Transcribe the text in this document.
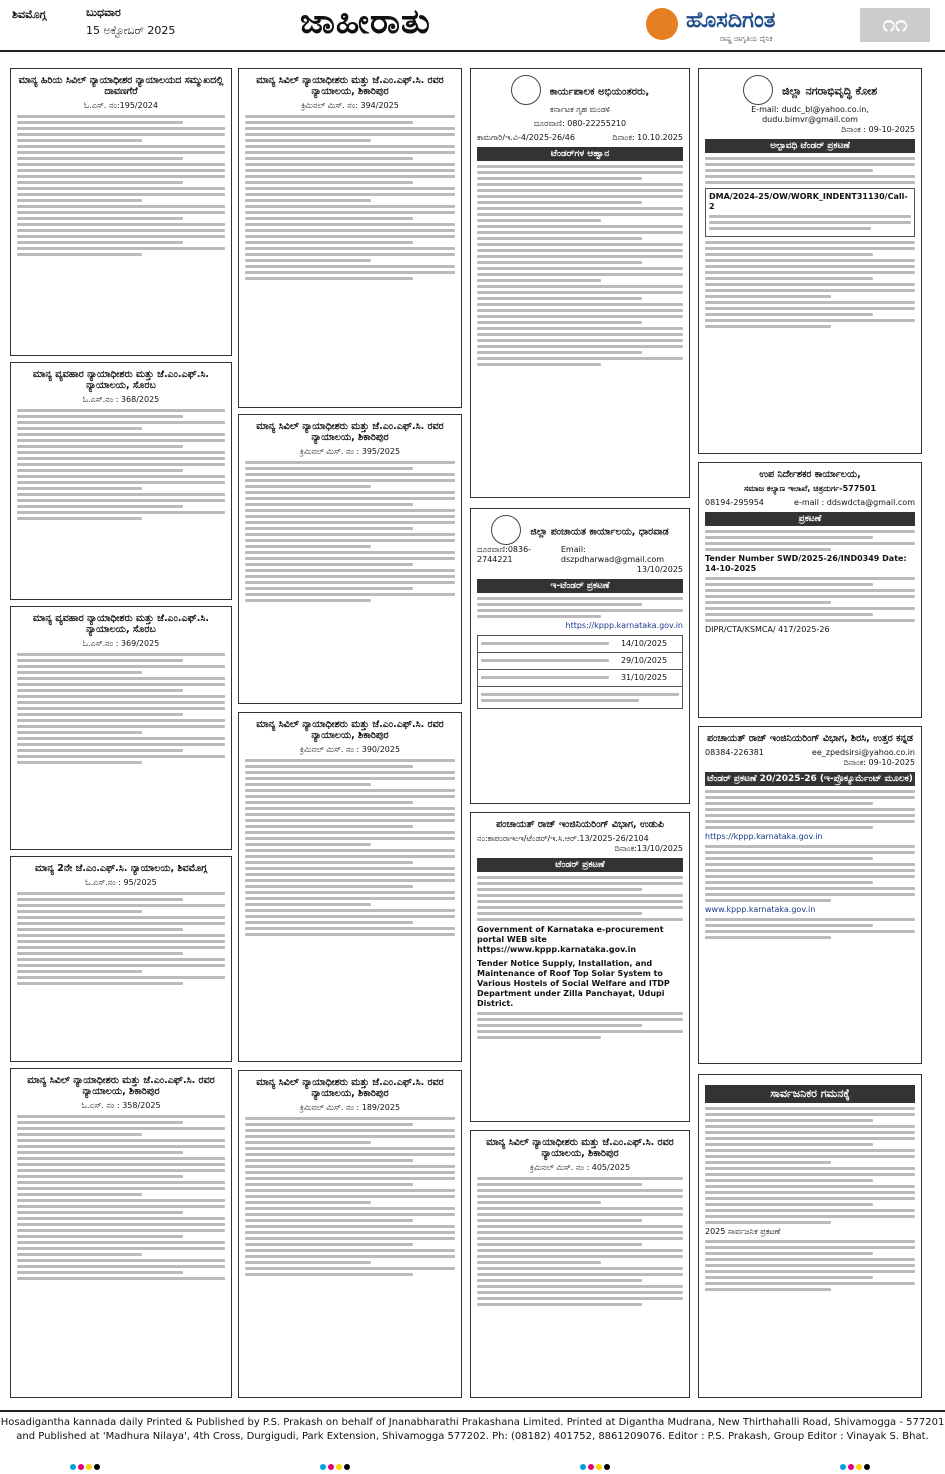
ಶಿವಮೊಗ್ಗ	ಬುಧವಾರ
15 ಅಕ್ಟೋಬರ್ 2025	ಜಾಹೀರಾತು	ಹೊಸದಿಗಂತ
ರಾಷ್ಟ್ರ ಜಾಗೃತಿಯ ದೈನಿಕ
೧೧
ಮಾನ್ಯ ಹಿರಿಯ ಸಿವಿಲ್ ನ್ಯಾಯಾಧೀಶರ ನ್ಯಾಯಾಲಯದ ಸಮ್ಮುಖದಲ್ಲಿ ದಾವಣಗೆರೆ
ಓ.ಎಸ್. ನಂ:195/2024
ಮಾನ್ಯ ವ್ಯವಹಾರ ನ್ಯಾಯಾಧೀಶರು ಮತ್ತು ಜೆ.ಎಂ.ಎಫ್.ಸಿ. ನ್ಯಾಯಾಲಯ, ಸೊರಬ
ಓ.ಎಸ್.ನಂ : 368/2025
ಮಾನ್ಯ ವ್ಯವಹಾರ ನ್ಯಾಯಾಧೀಶರು ಮತ್ತು ಜೆ.ಎಂ.ಎಫ್.ಸಿ. ನ್ಯಾಯಾಲಯ, ಸೊರಬ
ಓ.ಎಸ್.ನಂ : 369/2025
ಮಾನ್ಯ 2ನೇ ಜೆ.ಎಂ.ಎಫ್.ಸಿ. ನ್ಯಾಯಾಲಯ, ಶಿವಮೊಗ್ಗ
ಓ.ಎಸ್.ನಂ : 95/2025
ಮಾನ್ಯ ಸಿವಿಲ್ ನ್ಯಾಯಾಧೀಶರು ಮತ್ತು ಜೆ.ಎಂ.ಎಫ್.ಸಿ. ರವರ ನ್ಯಾಯಾಲಯ, ಶಿಕಾರಿಪುರ
ಓ.ಎಸ್. ನಂ : 358/2025
ಮಾನ್ಯ ಸಿವಿಲ್ ನ್ಯಾಯಾಧೀಶರು ಮತ್ತು ಜೆ.ಎಂ.ಎಫ್.ಸಿ. ರವರ ನ್ಯಾಯಾಲಯ, ಶಿಕಾರಿಪುರ
ಕ್ರಿಮಿನಲ್ ಮಿಸ್. ನಂ: 394/2025
ಮಾನ್ಯ ಸಿವಿಲ್ ನ್ಯಾಯಾಧೀಶರು ಮತ್ತು ಜೆ.ಎಂ.ಎಫ್.ಸಿ. ರವರ ನ್ಯಾಯಾಲಯ, ಶಿಕಾರಿಪುರ
ಕ್ರಿಮಿನಲ್ ಮಿಸ್. ನಂ : 395/2025
ಮಾನ್ಯ ಸಿವಿಲ್ ನ್ಯಾಯಾಧೀಶರು ಮತ್ತು ಜೆ.ಎಂ.ಎಫ್.ಸಿ. ರವರ ನ್ಯಾಯಾಲಯ, ಶಿಕಾರಿಪುರ
ಕ್ರಿಮಿನಲ್ ಮಿಸ್. ನಂ : 390/2025
ಮಾನ್ಯ ಸಿವಿಲ್ ನ್ಯಾಯಾಧೀಶರು ಮತ್ತು ಜೆ.ಎಂ.ಎಫ್.ಸಿ. ರವರ ನ್ಯಾಯಾಲಯ, ಶಿಕಾರಿಪುರ
ಕ್ರಿಮಿನಲ್ ಮಿಸ್. ನಂ : 189/2025
ಕಾರ್ಯಪಾಲಕ ಅಭಿಯಂತರರು,
ಕರ್ನಾಟಕ ಗೃಹ ಮಂಡಳಿ
ದೂರವಾಣಿ: 080-22255210
ಕಾಮಗಾರಿ/ಇ.ವಿ-4/2025-26/46	ದಿನಾಂಕ: 10.10.2025
ಟೆಂಡರ್‌ಗಳ ಆಹ್ವಾನ
ಜಿಲ್ಲಾ ಪಂಚಾಯತ ಕಾರ್ಯಾಲಯ, ಧಾರವಾಡ
ದೂರವಾಣಿ:0836-2744221
Email: dszpdharwad@gmail.com
13/10/2025
ಇ-ಟೆಂಡರ್ ಪ್ರಕಟಣೆ
https://kppp.karnataka.gov.in
14/10/2025
29/10/2025
31/10/2025
ಪಂಚಾಯತ್ ರಾಜ್ ಇಂಜಿನಿಯರಿಂಗ್ ವಿಭಾಗ, ಉಡುಪಿ
ನಂ:ಕಾಪಂರಾಇಂಇ/ಟೆಂಡರ್/ಇ.ಸಿ.ಆರ್.13/2025-26/2104
ದಿನಾಂಕ:13/10/2025
ಟೆಂಡರ್ ಪ್ರಕಟಣೆ
Government of Karnataka e-procurement portal WEB site https://www.kppp.karnataka.gov.in
Tender Notice Supply, Installation, and Maintenance of Roof Top Solar System to Various Hostels of Social Welfare and ITDP Department under Zilla Panchayat, Udupi District.
ಮಾನ್ಯ ಸಿವಿಲ್ ನ್ಯಾಯಾಧೀಶರು ಮತ್ತು ಜೆ.ಎಂ.ಎಫ್.ಸಿ. ರವರ ನ್ಯಾಯಾಲಯ, ಶಿಕಾರಿಪುರ
ಕ್ರಿಮಿನಲ್ ಮಿಸ್. ನಂ : 405/2025
ಜಿಲ್ಲಾ ನಗರಾಭಿವೃದ್ಧಿ ಕೋಶ
E-mail: dudc_bl@yahoo.co.in, dudu.bimvr@gmail.com
ದಿನಾಂಕ : 09-10-2025
ಅಲ್ಪಾವಧಿ ಟೆಂಡರ್ ಪ್ರಕಟಣೆ
DMA/2024-25/OW/WORK_INDENT31130/Call-2
ಉಪ ನಿರ್ದೇಶಕರ ಕಾರ್ಯಾಲಯ,
ಸಮಾಜ ಕಲ್ಯಾಣ ಇಲಾಖೆ, ಚಿತ್ರದುರ್ಗ-577501
08194-295954	e-mail : ddswdcta@gmail.com
ಪ್ರಕಟಣೆ
Tender Number SWD/2025-26/IND0349 Date: 14-10-2025
DIPR/CTA/KSMCA/ 417/2025-26
ಪಂಚಾಯತ್ ರಾಜ್ ಇಂಜಿನಿಯರಿಂಗ್ ವಿಭಾಗ, ಶಿರಸಿ, ಉತ್ತರ ಕನ್ನಡ
08384-226381	ee_zpedsirsi@yahoo.co.in
ದಿನಾಂಕ: 09-10-2025
ಟೆಂಡರ್ ಪ್ರಕಟಣೆ 20/2025-26 (ಇ-ಪ್ರೊಕ್ಯೂರ್ಮೆಂಟ್ ಮೂಲಕ)
https://kppp.karnataka.gov.in
www.kppp.karnataka.gov.in
ಸಾರ್ವಜನಿಕರ ಗಮನಕ್ಕೆ
2025 ಸಾರ್ವಜನಿಕ ಪ್ರಕಟಣೆ
Hosadigantha kannada daily Printed & Published by P.S. Prakash on behalf of Jnanabharathi Prakashana Limited. Printed at Digantha Mudrana, New Thirthahalli Road, Shivamogga - 577201
and Published at 'Madhura Nilaya', 4th Cross, Durgigudi, Park Extension, Shivamogga 577202. Ph: (08182) 401752, 8861209076. Editor : P.S. Prakash, Group Editor : Vinayak S. Bhat.
